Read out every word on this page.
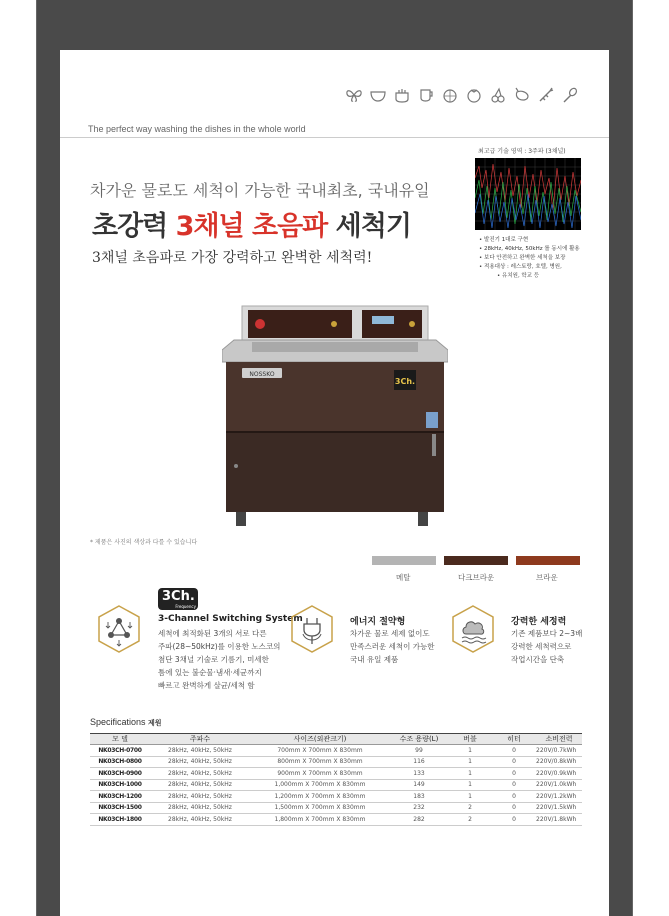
The perfect way washing the dishes in the whole world
차가운 물로도 세척이 가능한 국내최초, 국내유일
초강력 3채널 초음파 세척기
3채널 초음파로 가장 강력하고 완벽한 세척력!
최고급 기술 영역 : 3주파 (3채널)
• 발진기 1대로 구현
• 28kHz, 40kHz, 50kHz 를 동시에 활용
• 보다 안전하고 완벽한 세척을 보장
• 적용대상 : 레스토랑, 호텔, 병원,
• 유치원, 학교 등
NOSSKO
3Ch.
* 제품은 사진의 색상과 다를 수 있습니다
메탈	다크브라운	브라운
3Ch.
Frequency
3-Channel Switching System
세척에 최적화된 3개의 서로 다른
주파(28~50kHz)를 이용한 노스코의
첨단 3채널 기술로 기름기, 미세한
틈에 있는 불순물·냄새·세균까지
빠르고 완벽하게 살균/세척 함
에너지 절약형
차가운 물로 세제 없이도
만족스러운 세척이 가능한
국내 유일 제품
강력한 세정력
기존 제품보다 2~3배
강력한 세척력으로
작업시간을 단축
Specifications 제원
모 델	주파수	사이즈(외관크기)	수조 용량(L)	버블	히터	소비전력
NK03CH-0700	28kHz, 40kHz, 50kHz	700mm X 700mm X 830mm	99	1	0	220V/0.7kWh
NK03CH-0800	28kHz, 40kHz, 50kHz	800mm X 700mm X 830mm	116	1	0	220V/0.8kWh
NK03CH-0900	28kHz, 40kHz, 50kHz	900mm X 700mm X 830mm	133	1	0	220V/0.9kWh
NK03CH-1000	28kHz, 40kHz, 50kHz	1,000mm X 700mm X 830mm	149	1	0	220V/1.0kWh
NK03CH-1200	28kHz, 40kHz, 50kHz	1,200mm X 700mm X 830mm	183	1	0	220V/1.2kWh
NK03CH-1500	28kHz, 40kHz, 50kHz	1,500mm X 700mm X 830mm	232	2	0	220V/1.5kWh
NK03CH-1800	28kHz, 40kHz, 50kHz	1,800mm X 700mm X 830mm	282	2	0	220V/1.8kWh
